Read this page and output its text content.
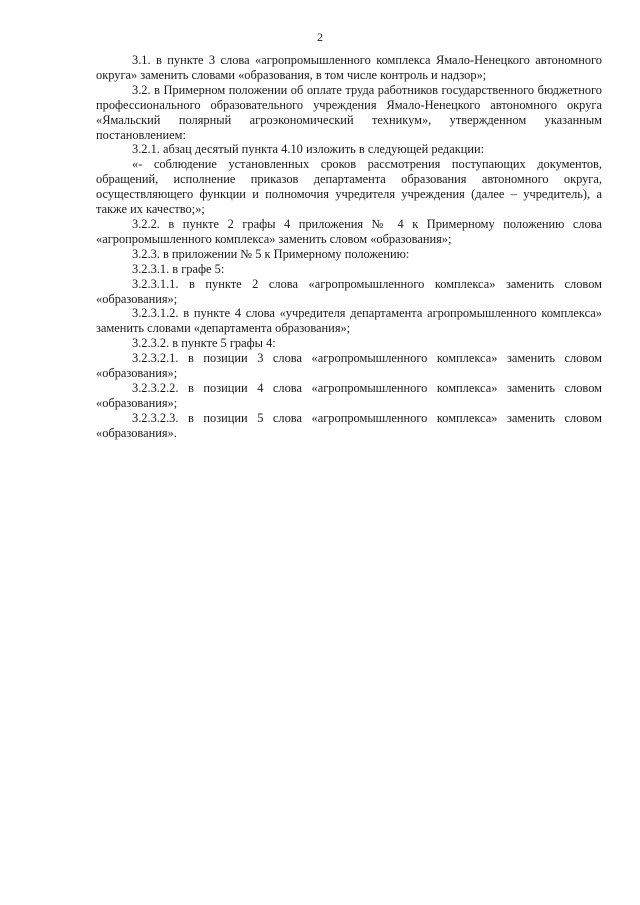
2

3.1. в пункте 3 слова «агропромышленного комплекса Ямало-Ненецкого автономного округа» заменить словами «образования, в том числе контроль и надзор»;

3.2. в Примерном положении об оплате труда работников государственного бюджетного профессионального образовательного учреждения Ямало-Ненецкого автономного округа «Ямальский полярный агроэкономический техникум», утвержденном указанным постановлением:

3.2.1. абзац десятый пункта 4.10 изложить в следующей редакции:

«- соблюдение установленных сроков рассмотрения поступающих документов, обращений, исполнение приказов департамента образования автономного округа, осуществляющего функции и полномочия учредителя учреждения (далее – учредитель), а также их качество;»;

3.2.2. в пункте 2 графы 4 приложения № 4 к Примерному положению слова «агропромышленного комплекса» заменить словом «образования»;

3.2.3. в приложении № 5 к Примерному положению:

3.2.3.1. в графе 5:

3.2.3.1.1. в пункте 2 слова «агропромышленного комплекса» заменить словом «образования»;

3.2.3.1.2. в пункте 4 слова «учредителя департамента агропромышленного комплекса» заменить словами «департамента образования»;

3.2.3.2. в пункте 5 графы 4:

3.2.3.2.1. в позиции 3 слова «агропромышленного комплекса» заменить словом «образования»;

3.2.3.2.2. в позиции 4 слова «агропромышленного комплекса» заменить словом «образования»;

3.2.3.2.3. в позиции 5 слова «агропромышленного комплекса» заменить словом «образования».
